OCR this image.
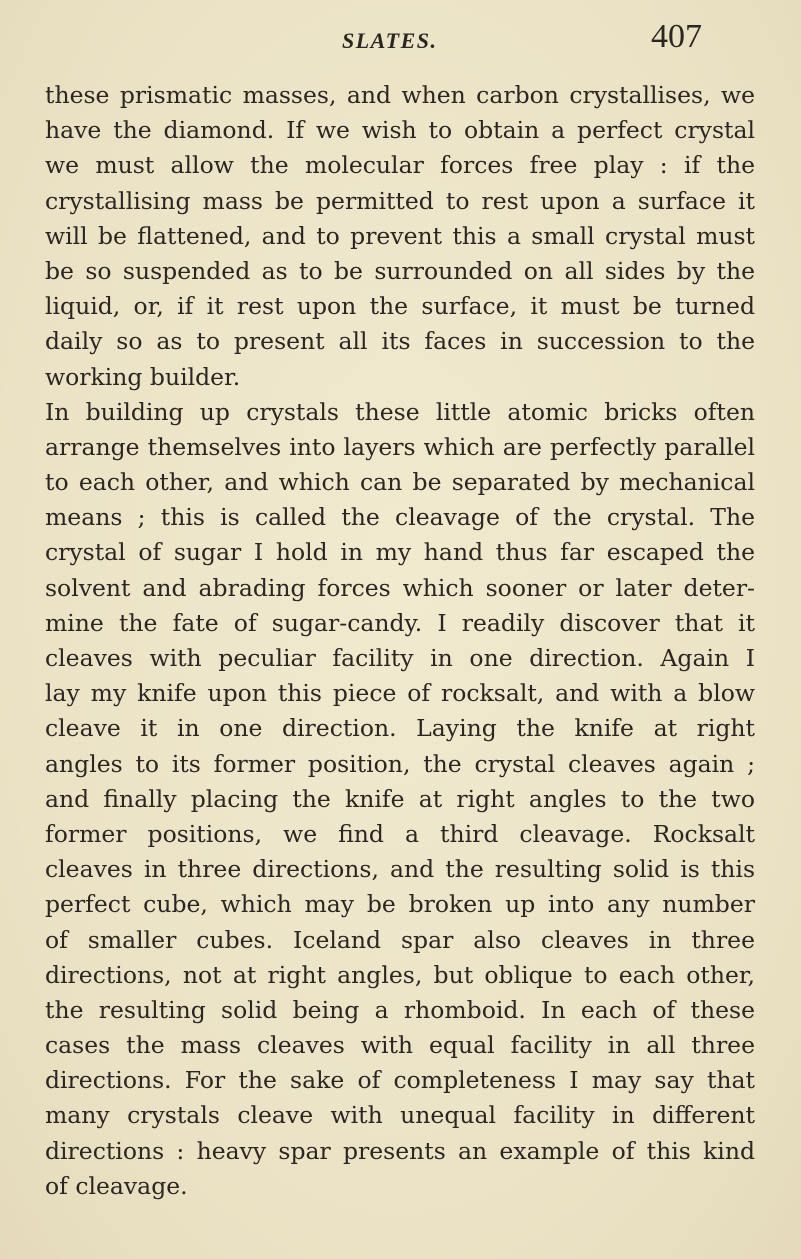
SLATES.	407
these prismatic masses, and when carbon crystallises, we
have the diamond. If we wish to obtain a perfect crystal
we must allow the molecular forces free play : if the
crystallising mass be permitted to rest upon a surface it
will be flattened, and to prevent this a small crystal must
be so suspended as to be surrounded on all sides by the
liquid, or, if it rest upon the surface, it must be turned
daily so as to present all its faces in succession to the
working builder.
In building up crystals these little atomic bricks often
arrange themselves into layers which are perfectly parallel
to each other, and which can be separated by mechanical
means ; this is called the cleavage of the crystal. The
crystal of sugar I hold in my hand thus far escaped the
solvent and abrading forces which sooner or later deter-
mine the fate of sugar-candy. I readily discover that it
cleaves with peculiar facility in one direction. Again I
lay my knife upon this piece of rocksalt, and with a blow
cleave it in one direction. Laying the knife at right
angles to its former position, the crystal cleaves again ;
and finally placing the knife at right angles to the two
former positions, we find a third cleavage. Rocksalt
cleaves in three directions, and the resulting solid is this
perfect cube, which may be broken up into any number
of smaller cubes. Iceland spar also cleaves in three
directions, not at right angles, but oblique to each other,
the resulting solid being a rhomboid. In each of these
cases the mass cleaves with equal facility in all three
directions. For the sake of completeness I may say that
many crystals cleave with unequal facility in different
directions : heavy spar presents an example of this kind
of cleavage.
